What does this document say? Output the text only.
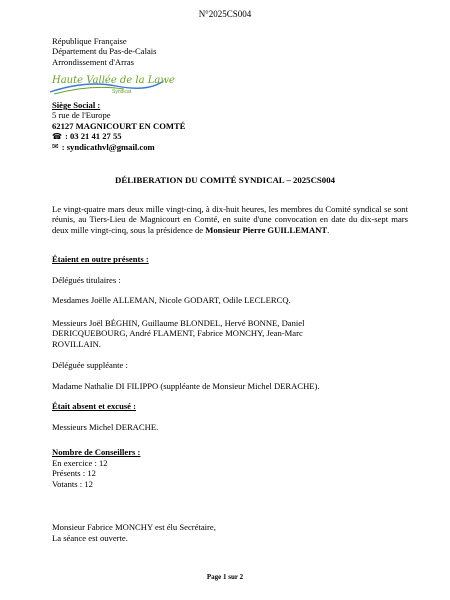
N°2025CS004
République Française
Département du Pas-de-Calais
Arrondissement d'Arras
Haute Vallée de la Lawe
Syndicat
Siège Social :
5 rue de l'Europe
62127 MAGNICOURT EN COMTÉ
☎ : 03 21 41 27 55
✉ : syndicathvl@gmail.com
DÉLIBERATION DU COMITÉ SYNDICAL – 2025CS004
Le vingt-quatre mars deux mille vingt-cinq, à dix-huit heures, les membres du Comité syndical se sont réunis, au Tiers-Lieu de Magnicourt en Comté, en suite d'une convocation en date du dix-sept mars deux mille vingt-cinq, sous la présidence de Monsieur Pierre GUILLEMANT.
Étaient en outre présents :
Délégués titulaires :
Mesdames Joëlle ALLEMAN, Nicole GODART, Odile LECLERCQ.
Messieurs Joël BÉGHIN, Guillaume BLONDEL, Hervé BONNE, Daniel DERICQUEBOURG, André FLAMENT, Fabrice MONCHY, Jean-Marc ROVILLAIN.
Déléguée suppléante :
Madame Nathalie DI FILIPPO (suppléante de Monsieur Michel DERACHE).
Était absent et excusé :
Messieurs Michel DERACHE.
Nombre de Conseillers :
En exercice : 12
Présents : 12
Votants : 12
Monsieur Fabrice MONCHY est élu Secrétaire,
La séance est ouverte.
Page 1 sur 2
